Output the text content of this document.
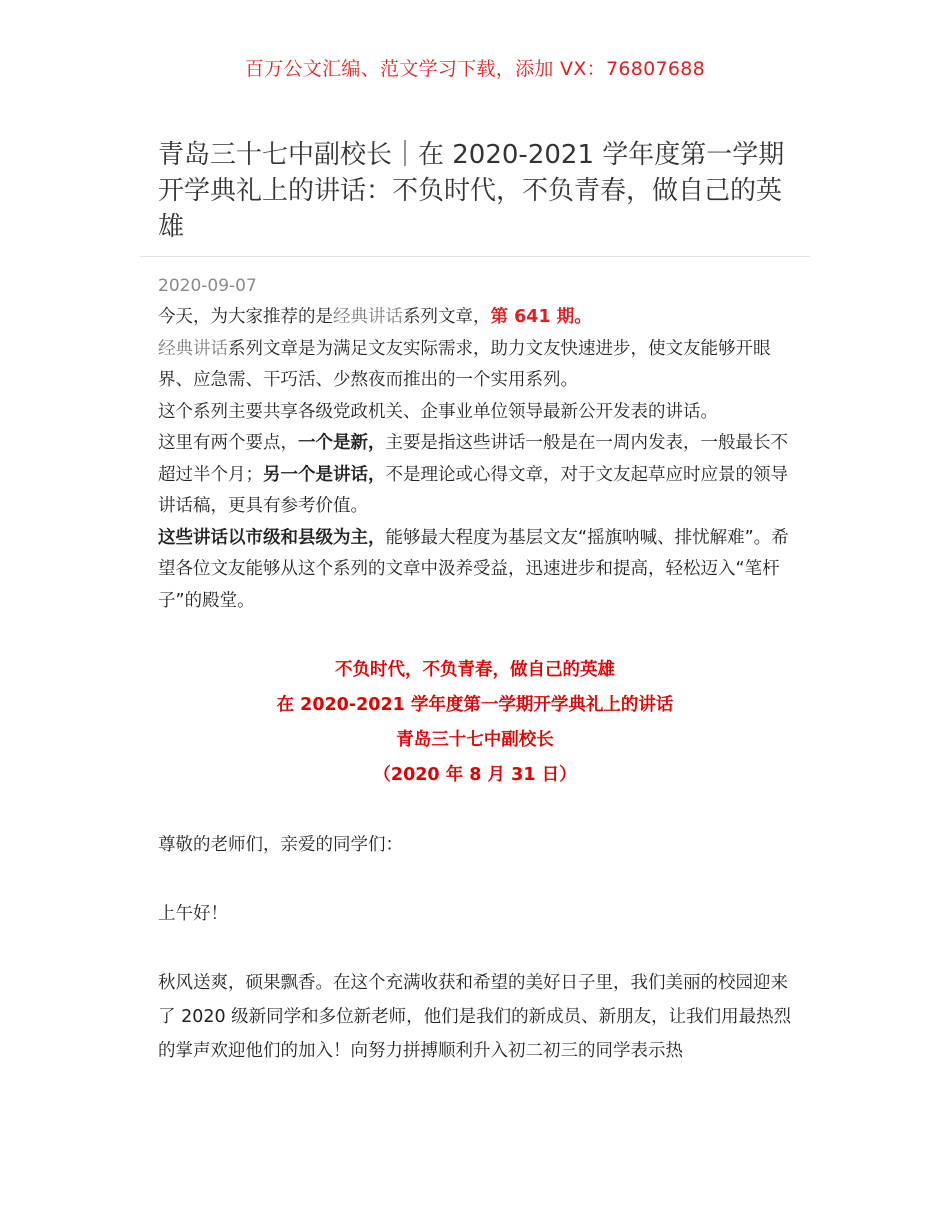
百万公文汇编、范文学习下载，添加 VX：76807688
青岛三十七中副校长｜在 2020-2021 学年度第一学期开学典礼上的讲话：不负时代，不负青春，做自己的英雄
2020-09-07

今天，为大家推荐的是经典讲话系列文章，第 641 期。

经典讲话系列文章是为满足文友实际需求，助力文友快速进步，使文友能够开眼界、应急需、干巧活、少熬夜而推出的一个实用系列。

这个系列主要共享各级党政机关、企事业单位领导最新公开发表的讲话。

这里有两个要点，一个是新，主要是指这些讲话一般是在一周内发表，一般最长不超过半个月；另一个是讲话，不是理论或心得文章，对于文友起草应时应景的领导讲话稿，更具有参考价值。

这些讲话以市级和县级为主，能够最大程度为基层文友“摇旗呐喊、排忧解难”。希望各位文友能够从这个系列的文章中汲养受益，迅速进步和提高，轻松迈入“笔杆子”的殿堂。

不负时代，不负青春，做自己的英雄
在 2020-2021 学年度第一学期开学典礼上的讲话
青岛三十七中副校长
（2020 年 8 月 31 日）

尊敬的老师们，亲爱的同学们：

上午好！

秋风送爽，硕果飘香。在这个充满收获和希望的美好日子里，我们美丽的校园迎来了 2020 级新同学和多位新老师，他们是我们的新成员、新朋友，让我们用最热烈的掌声欢迎他们的加入！向努力拼搏顺利升入初二初三的同学表示热
